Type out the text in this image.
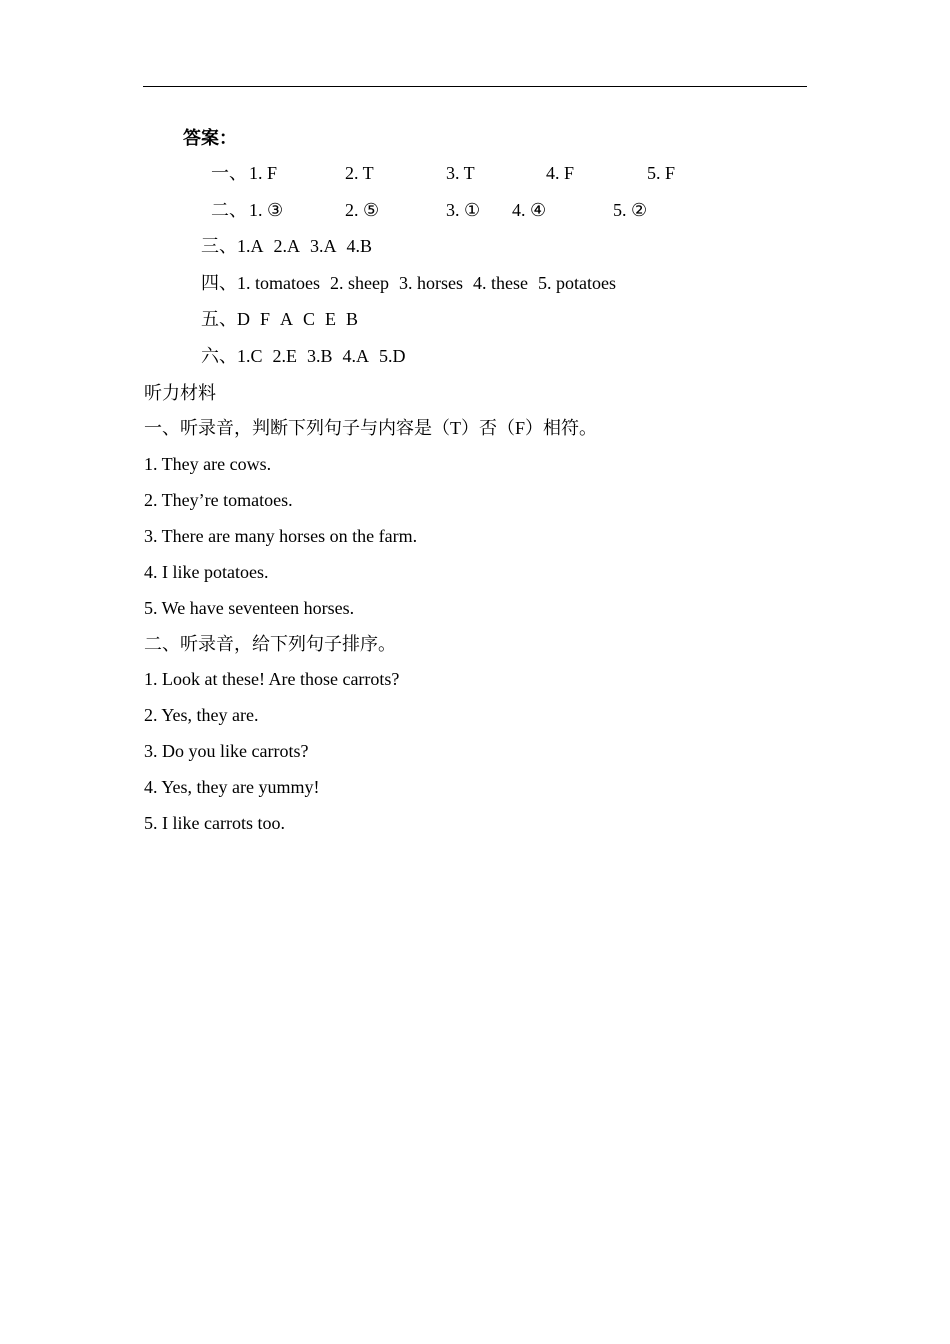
答案：
一、 1. F	2. T	3. T	4. F	5. F
二、 1. ③	2. ⑤	3. ① 4. ④	5. ②
三、1.A 2.A 3.A 4.B
四、1. tomatoes 2. sheep 3. horses 4. these 5. potatoes
五、D F A C E B
六、1.C 2.E 3.B 4.A 5.D
听力材料
一、听录音，判断下列句子与内容是（T）否（F）相符。
1. They are cows.
2. They’re tomatoes.
3. There are many horses on the farm.
4. I like potatoes.
5. We have seventeen horses.
二、听录音，给下列句子排序。
1. Look at these! Are those carrots?
2. Yes, they are.
3. Do you like carrots?
4. Yes, they are yummy!
5. I like carrots too.
